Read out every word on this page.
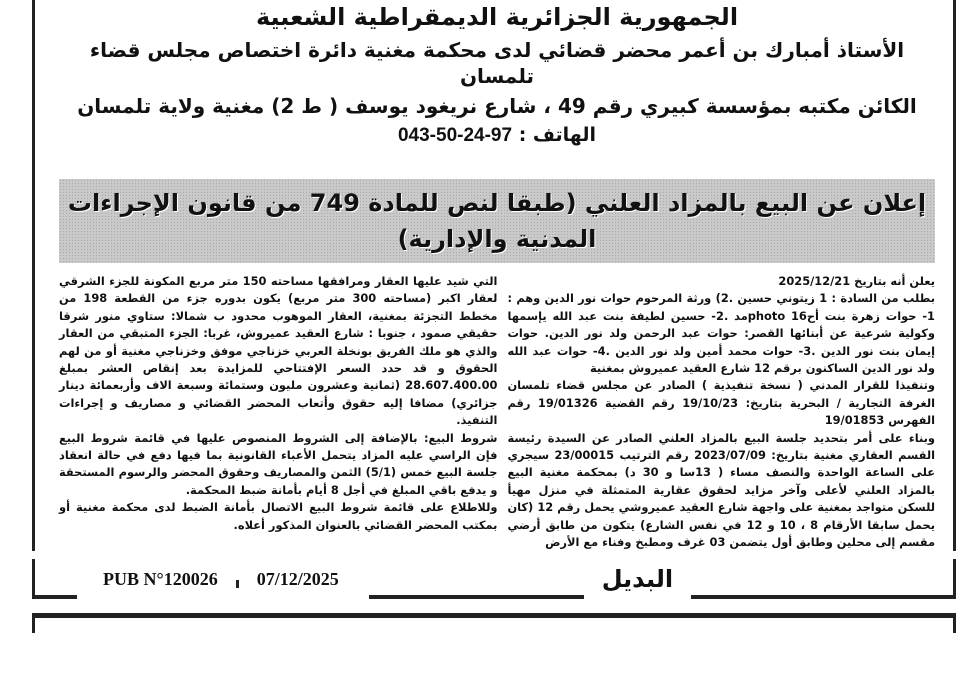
الجمهورية الجزائرية الديمقراطية الشعبية
الأستاذ أمبارك بن أعمر محضر قضائي لدى محكمة مغنية دائرة اختصاص مجلس قضاء تلمسان
الكائن مكتبه بمؤسسة كبيري رقم 49 ، شارع نريغود يوسف ( ط 2) مغنية ولاية تلمسان
الهاتف : 043-50-24-97
إعلان عن البيع بالمزاد العلني (طبقا لنص للمادة 749 من قانون الإجراءات المدنية والإدارية)

يعلن أنه بتاريخ 2025/12/21

بطلب من السادة : 1 زيتوني حسين .2) ورثة المرحوم حوات نور الدين وهم : 1- حوات زهرة بنت أحphoto 16مد .2- حسين لطيفة بنت عبد الله يإسمها وكولية شرعية عن أبنائها القصر: حوات عبد الرحمن ولد نور الدين. حوات إيمان بنت نور الدين .3- حوات محمد أمين ولد نور الدين .4- حوات عبد الله ولد نور الدين الساكنون برقم 12 شارع العقيد عميروش بمغنية

وتنفيذا للقرار المدني ( نسخة تنفيذية ) الصادر عن مجلس قضاء تلمسان الغرفة التجارية / البحرية بتاريخ: 19/10/23 رقم القضية 19/01326 رقم الفهرس 19/01853

وبناء على أمر بتحديد جلسة البيع بالمزاد العلني الصادر عن السيدة رئيسة القسم العقاري مغنية بتاريخ: 2023/07/09 رقم الترتيب 23/00015 سيجري على الساعة الواحدة والنصف مساء ( 13سا و 30 د) بمحكمة مغنية البيع بالمزاد العلني لأعلى وآخر مزايد لحقوق عقارية المتمثلة في منزل مهيأ للسكن متواجد بمغنية على واجهة شارع العقيد عميروشي يحمل رقم 12 (كان يحمل سابقا الأرقام 8 ، 10 و 12 في نفس الشارع) يتكون من طابق أرضي مقسم إلى محلين وطابق أول يتضمن 03 غرف ومطبخ وفناء مع الأرض

التي شيد عليها العقار ومرافقها مساحته 150 متر مربع المكونة للجزء الشرقي لعقار اكبر (مساحته 300 متر مربع) يكون بدوره جزء من القطعة 198 من مخطط التجزئة بمغنية، العقار الموهوب محدود ب شمالا: ستاوي منور شرقا حقيقي صمود ، جنوبا : شارع العقيد عميروش، غربا: الجزء المتبقي من العقار والذي هو ملك الفريق بونخلة العربي خزناجي موفق وخزناجي مغنية أو من لهم الحقوق و قد حدد السعر الإفتتاحي للمزايدة بعد إنقاص العشر بمبلغ 28.607.400.00 (ثمانية وعشرون مليون وستمائة وسبعة الاف وأربعمائة دينار جزائري) مضافا إليه حقوق وأتعاب المحضر القضائي و مصاريف و إجراءات التنفيذ.

شروط البيع: بالإضافة إلى الشروط المنصوص عليها في قائمة شروط البيع فإن الراسي عليه المزاد يتحمل الأعباء القانونية بما فيها دفع في حالة انعقاد جلسة البيع خمس (5/1) الثمن والمصاريف وحقوق المحضر والرسوم المستحقة و يدفع باقي المبلغ في أجل 8 أيام بأمانة ضبط المحكمة.

وللاطلاع على قائمة شروط البيع الاتصال بأمانة الضبط لدى محكمة مغنية أو بمكتب المحضر القضائي بالعنوان المذكور أعلاه.

PUB N°120026 07/12/2025	البديل
